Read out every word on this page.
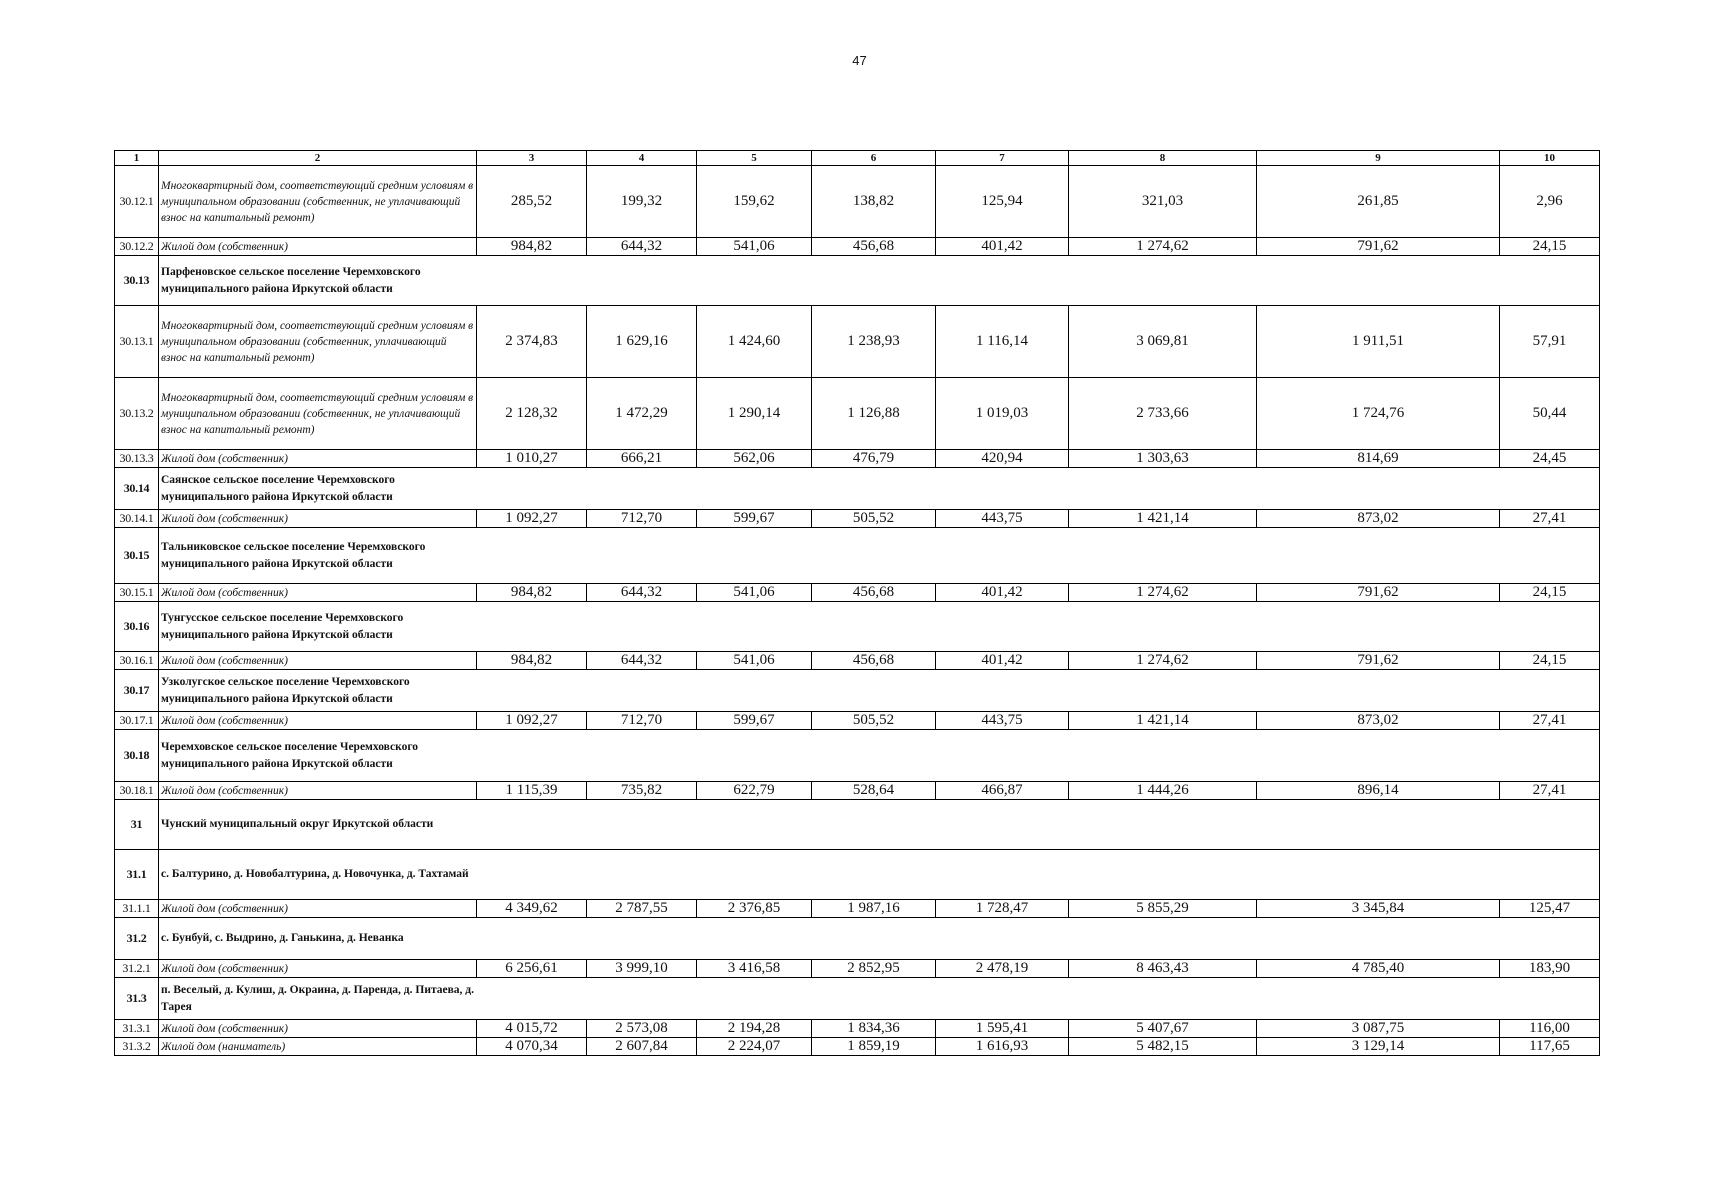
47
1	2	3	4	5	6	7	8	9	10
30.12.1	Многоквартирный дом, соответствующий средним условиям в муниципальном образовании (собственник, не уплачивающий взнос на капитальный ремонт)	285,52	199,32	159,62	138,82	125,94	321,03	261,85	2,96
30.12.2	Жилой дом (собственник)	984,82	644,32	541,06	456,68	401,42	1 274,62	791,62	24,15
30.13	Парфеновское сельское поселение Черемховского муниципального района Иркутской области								
30.13.1	Многоквартирный дом, соответствующий средним условиям в муниципальном образовании (собственник, уплачивающий взнос на капитальный ремонт)	2 374,83	1 629,16	1 424,60	1 238,93	1 116,14	3 069,81	1 911,51	57,91
30.13.2	Многоквартирный дом, соответствующий средним условиям в муниципальном образовании (собственник, не уплачивающий взнос на капитальный ремонт)	2 128,32	1 472,29	1 290,14	1 126,88	1 019,03	2 733,66	1 724,76	50,44
30.13.3	Жилой дом (собственник)	1 010,27	666,21	562,06	476,79	420,94	1 303,63	814,69	24,45
30.14	Саянское сельское поселение Черемховского муниципального района Иркутской области								
30.14.1	Жилой дом (собственник)	1 092,27	712,70	599,67	505,52	443,75	1 421,14	873,02	27,41
30.15	Тальниковское сельское поселение Черемховского муниципального района Иркутской области								
30.15.1	Жилой дом (собственник)	984,82	644,32	541,06	456,68	401,42	1 274,62	791,62	24,15
30.16	Тунгусское сельское поселение Черемховского муниципального района Иркутской области								
30.16.1	Жилой дом (собственник)	984,82	644,32	541,06	456,68	401,42	1 274,62	791,62	24,15
30.17	Узколугское сельское поселение Черемховского муниципального района Иркутской области								
30.17.1	Жилой дом (собственник)	1 092,27	712,70	599,67	505,52	443,75	1 421,14	873,02	27,41
30.18	Черемховское сельское поселение Черемховского муниципального района Иркутской области								
30.18.1	Жилой дом (собственник)	1 115,39	735,82	622,79	528,64	466,87	1 444,26	896,14	27,41
31	Чунский муниципальный округ Иркутской области								
31.1	с. Балтурино, д. Новобалтурина, д. Новочунка, д. Тахтамай								
31.1.1	Жилой дом (собственник)	4 349,62	2 787,55	2 376,85	1 987,16	1 728,47	5 855,29	3 345,84	125,47
31.2	с. Бунбуй, с. Выдрино, д. Ганькина, д. Неванка								
31.2.1	Жилой дом (собственник)	6 256,61	3 999,10	3 416,58	2 852,95	2 478,19	8 463,43	4 785,40	183,90
31.3	п. Веселый, д. Кулиш, д. Окраина, д. Паренда, д. Питаева, д. Тарея								
31.3.1	Жилой дом (собственник)	4 015,72	2 573,08	2 194,28	1 834,36	1 595,41	5 407,67	3 087,75	116,00
31.3.2	Жилой дом (наниматель)	4 070,34	2 607,84	2 224,07	1 859,19	1 616,93	5 482,15	3 129,14	117,65
